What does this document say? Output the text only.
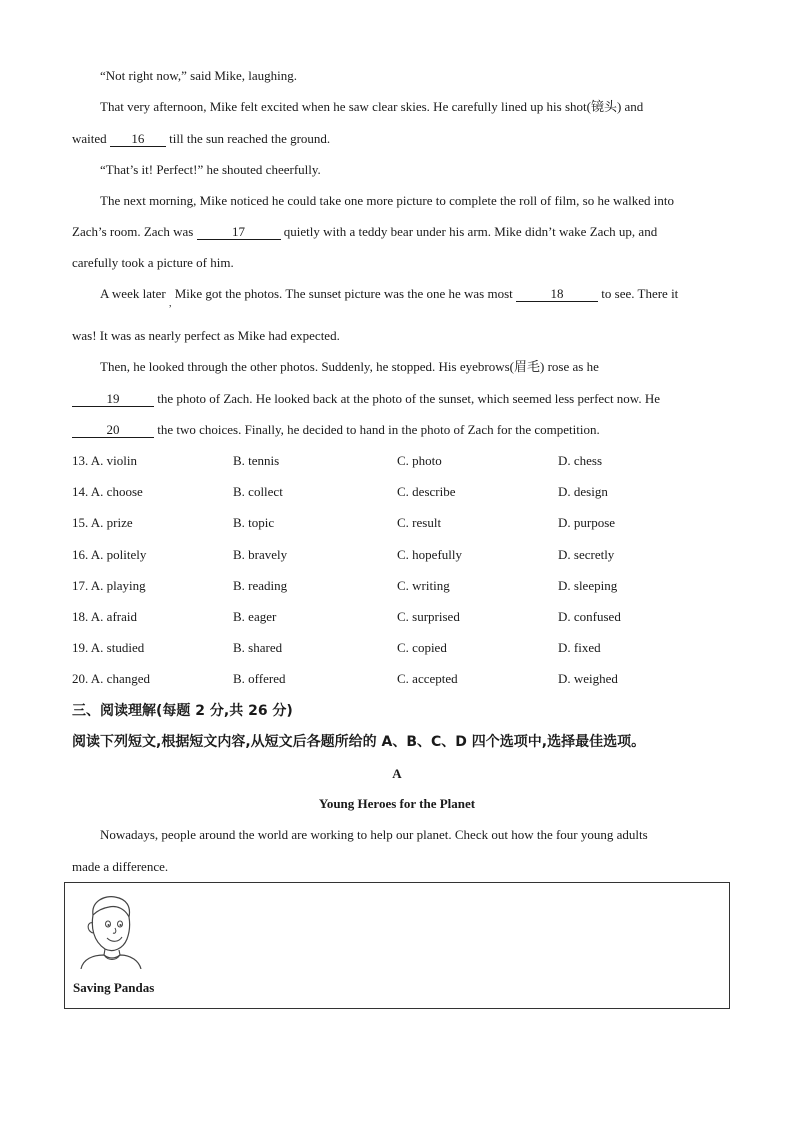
“Not right now,” said Mike, laughing.
That very afternoon, Mike felt excited when he saw clear skies. He carefully lined up his shot(镜头) and
waited 16 till the sun reached the ground.
“That’s it! Perfect!” he shouted cheerfully.
The next morning, Mike noticed he could take one more picture to complete the roll of film, so he walked into
Zach’s room. Zach was	17	quietly with a teddy bear under his arm. Mike didn’t wake Zach up, and
carefully took a picture of him.
A week later $_,$ Mike got the photos. The sunset picture was the one he was most	18	to see. There it
was! It was as nearly perfect as Mike had expected.
Then, he looked through the other photos. Suddenly, he stopped. His eyebrows(眉毛) rose as he
19	the photo of Zach. He looked back at the photo of the sunset, which seemed less perfect now. He
20	the two choices. Finally, he decided to hand in the photo of Zach for the competition.
13. A. violin	B. tennis	C. photo	D. chess
14. A. choose	B. collect	C. describe	D. design
15. A. prize	B. topic	C. result	D. purpose
16. A. politely	B. bravely	C. hopefully	D. secretly
17. A. playing	B. reading	C. writing	D. sleeping
18. A. afraid	B. eager	C. surprised	D. confused
19. A. studied	B. shared	C. copied	D. fixed
20. A. changed	B. offered	C. accepted	D. weighed
三、阅读理解(每题 2 分,共 26 分)
阅读下列短文,根据短文内容,从短文后各题所给的 A、B、C、D 四个选项中,选择最佳选项。
A
Young Heroes for the Planet
Nowadays, people around the world are working to help our planet. Check out how the four young adults
made a difference.
Saving Pandas
